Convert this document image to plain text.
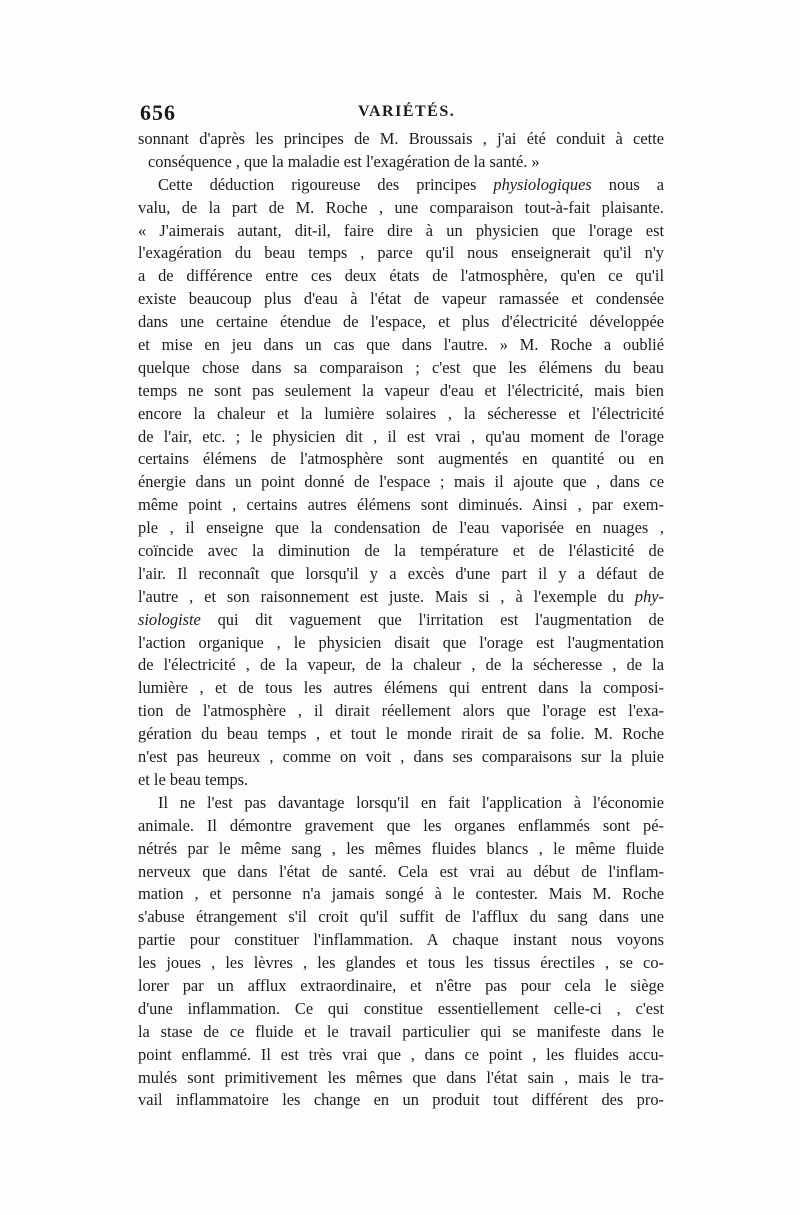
656	VARIÉTÉS.
sonnant d'après les principes de M. Broussais , j'ai été conduit à cette
conséquence , que la maladie est l'exagération de la santé. »
Cette déduction rigoureuse des principes physiologiques nous a
valu, de la part de M. Roche , une comparaison tout-à-fait plaisante.
« J'aimerais autant, dit-il, faire dire à un physicien que l'orage est
l'exagération du beau temps , parce qu'il nous enseignerait qu'il n'y
a de différence entre ces deux états de l'atmosphère, qu'en ce qu'il
existe beaucoup plus d'eau à l'état de vapeur ramassée et condensée
dans une certaine étendue de l'espace, et plus d'électricité développée
et mise en jeu dans un cas que dans l'autre. » M. Roche a oublié
quelque chose dans sa comparaison ; c'est que les élémens du beau
temps ne sont pas seulement la vapeur d'eau et l'électricité, mais bien
encore la chaleur et la lumière solaires , la sécheresse et l'électricité
de l'air, etc. ; le physicien dit , il est vrai , qu'au moment de l'orage
certains élémens de l'atmosphère sont augmentés en quantité ou en
énergie dans un point donné de l'espace ; mais il ajoute que , dans ce
même point , certains autres élémens sont diminués. Ainsi , par exem-
ple , il enseigne que la condensation de l'eau vaporisée en nuages ,
coïncide avec la diminution de la température et de l'élasticité de
l'air. Il reconnaît que lorsqu'il y a excès d'une part il y a défaut de
l'autre , et son raisonnement est juste. Mais si , à l'exemple du phy-
siologiste qui dit vaguement que l'irritation est l'augmentation de
l'action organique , le physicien disait que l'orage est l'augmentation
de l'électricité , de la vapeur, de la chaleur , de la sécheresse , de la
lumière , et de tous les autres élémens qui entrent dans la composi-
tion de l'atmosphère , il dirait réellement alors que l'orage est l'exa-
gération du beau temps , et tout le monde rirait de sa folie. M. Roche
n'est pas heureux , comme on voit , dans ses comparaisons sur la pluie
et le beau temps.
Il ne l'est pas davantage lorsqu'il en fait l'application à l'économie
animale. Il démontre gravement que les organes enflammés sont pé-
nétrés par le même sang , les mêmes fluides blancs , le même fluide
nerveux que dans l'état de santé. Cela est vrai au début de l'inflam-
mation , et personne n'a jamais songé à le contester. Mais M. Roche
s'abuse étrangement s'il croit qu'il suffit de l'afflux du sang dans une
partie pour constituer l'inflammation. A chaque instant nous voyons
les joues , les lèvres , les glandes et tous les tissus érectiles , se co-
lorer par un afflux extraordinaire, et n'être pas pour cela le siège
d'une inflammation. Ce qui constitue essentiellement celle-ci , c'est
la stase de ce fluide et le travail particulier qui se manifeste dans le
point enflammé. Il est très vrai que , dans ce point , les fluides accu-
mulés sont primitivement les mêmes que dans l'état sain , mais le tra-
vail inflammatoire les change en un produit tout différent des pro-
